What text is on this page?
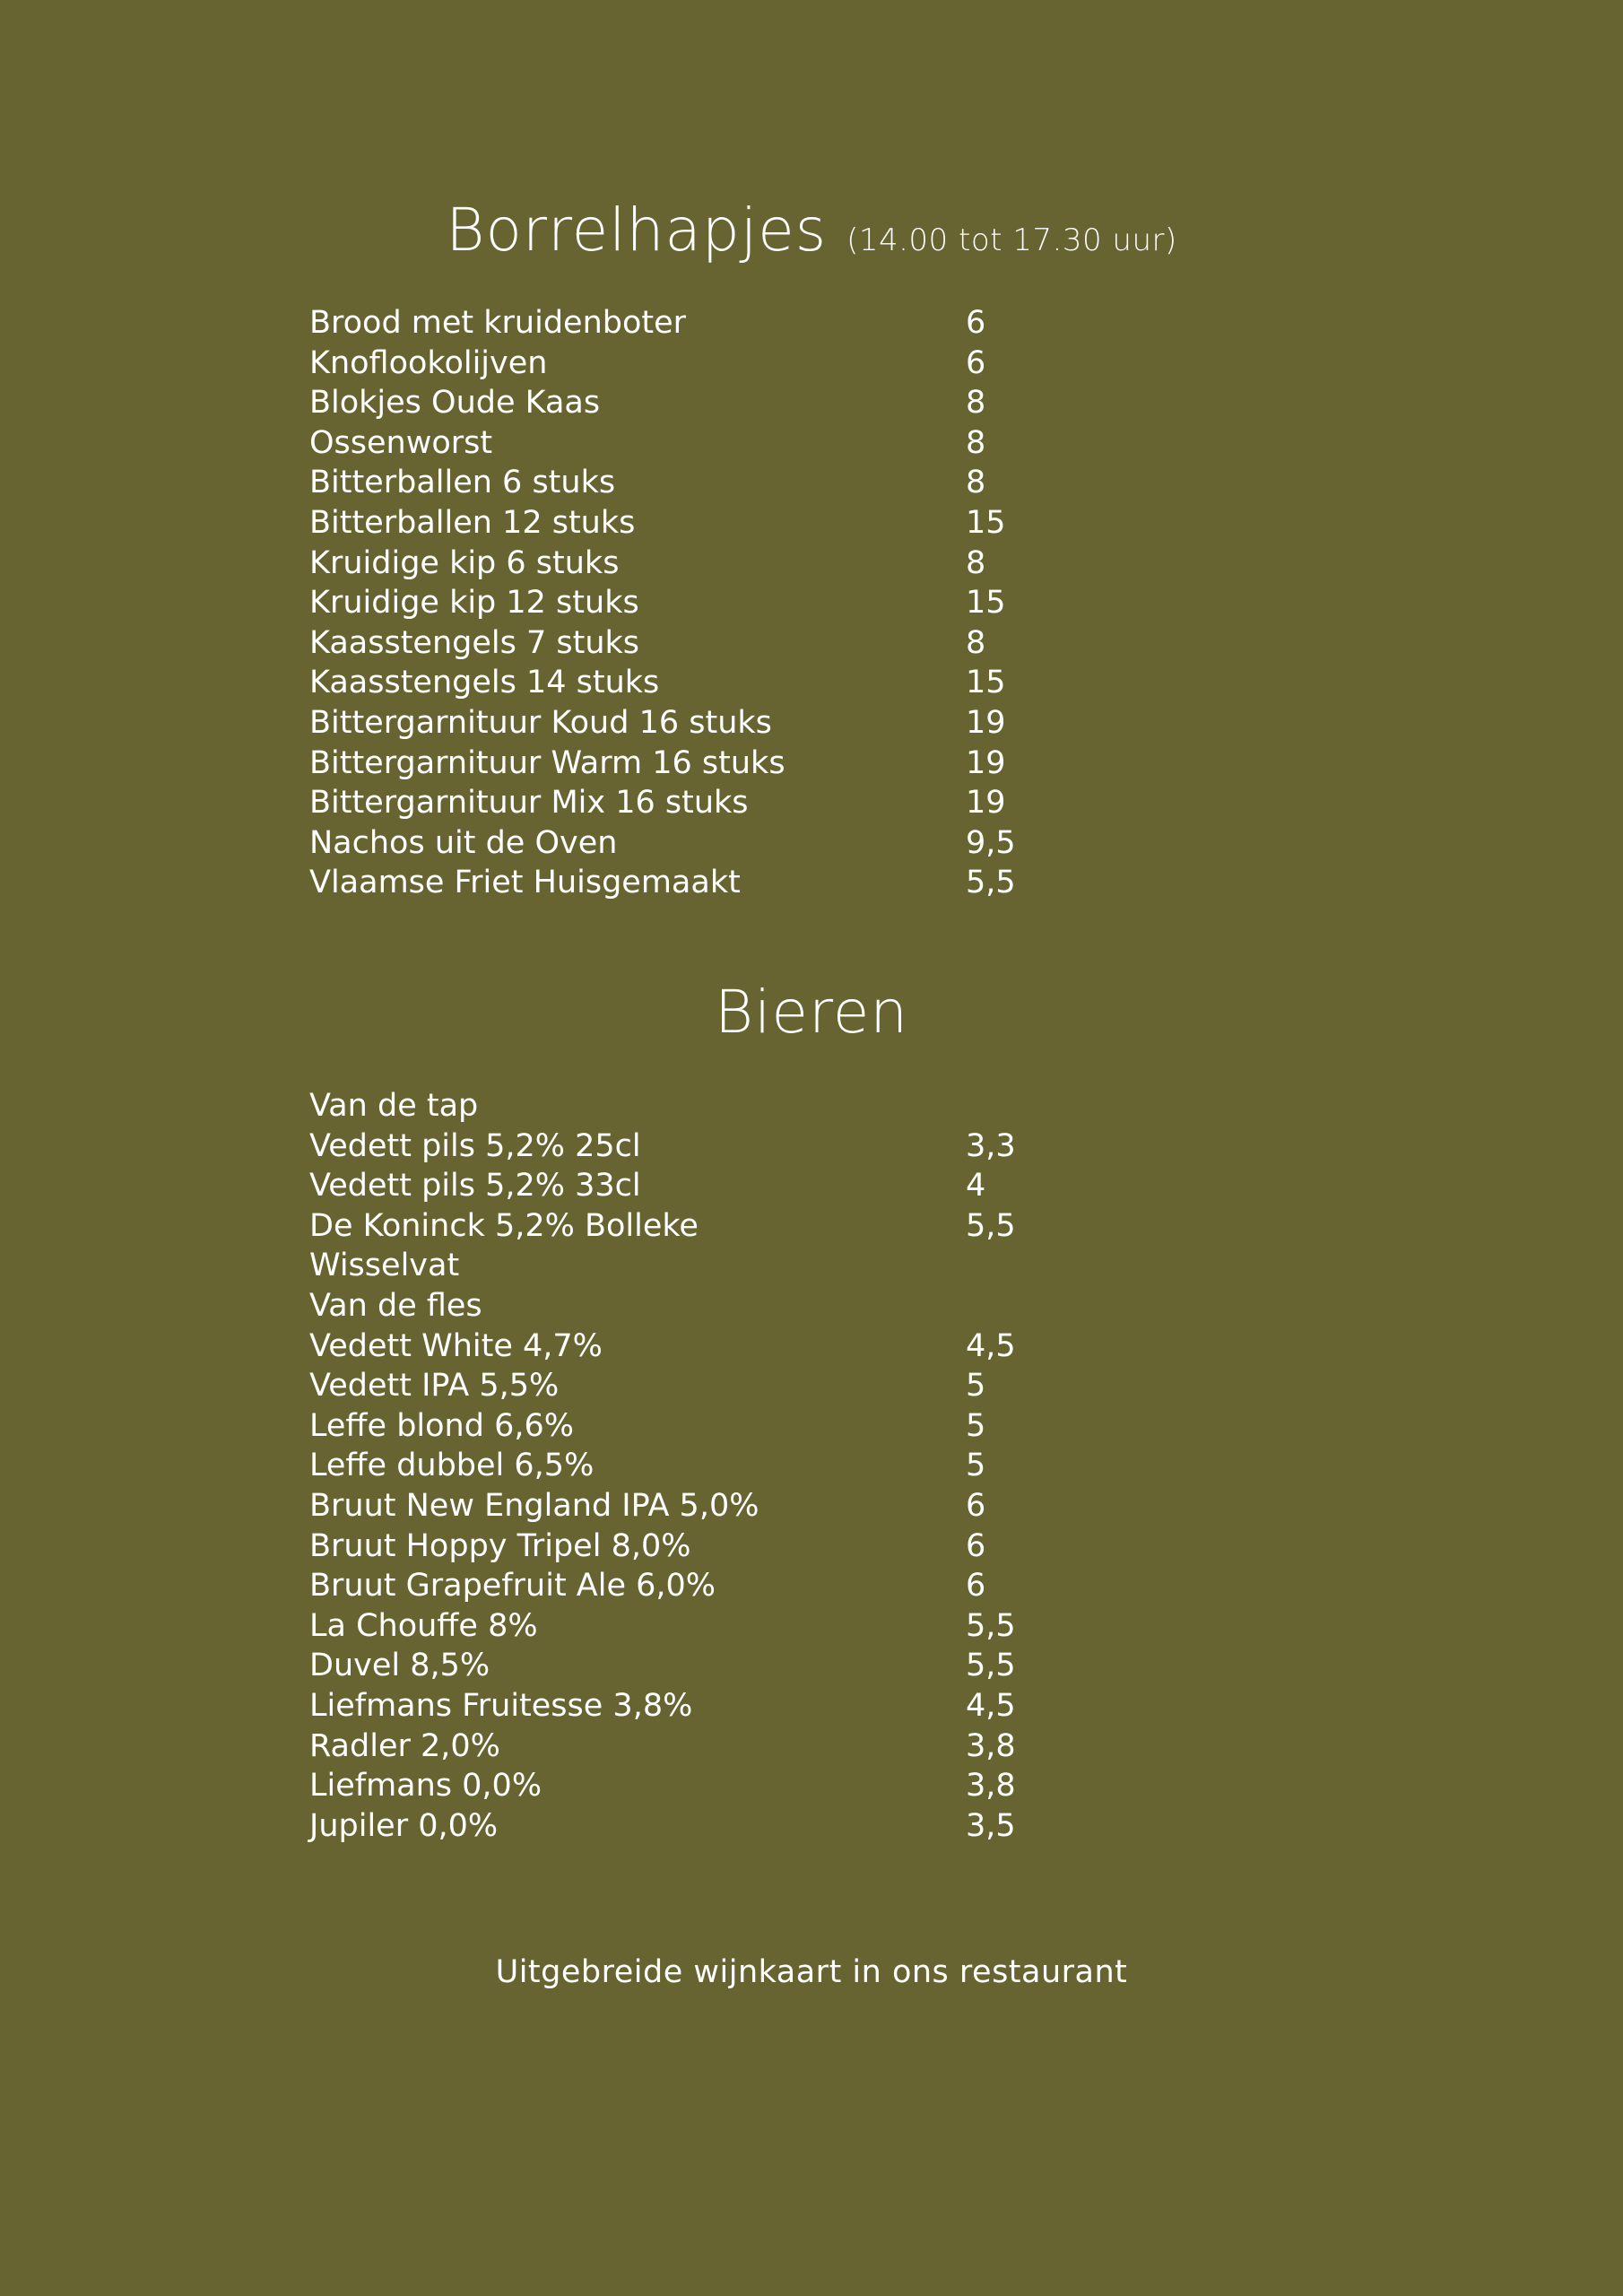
Borrelhapjes (14.00 tot 17.30 uur)
Brood met kruidenboter	6
Knoflookolijven	6
Blokjes Oude Kaas	8
Ossenworst	8
Bitterballen 6 stuks	8
Bitterballen 12 stuks	15
Kruidige kip 6 stuks	8
Kruidige kip 12 stuks	15
Kaasstengels 7 stuks	8
Kaasstengels 14 stuks	15
Bittergarnituur Koud 16 stuks	19
Bittergarnituur Warm 16 stuks	19
Bittergarnituur Mix 16 stuks	19
Nachos uit de Oven	9,5
Vlaamse Friet Huisgemaakt	5,5
Bieren
Van de tap
Vedett pils 5,2% 25cl	3,3
Vedett pils 5,2% 33cl	4
De Koninck 5,2% Bolleke	5,5
Wisselvat
Van de fles
Vedett White 4,7%	4,5
Vedett IPA 5,5%	5
Leffe blond 6,6%	5
Leffe dubbel 6,5%	5
Bruut New England IPA 5,0%	6
Bruut Hoppy Tripel 8,0%	6
Bruut Grapefruit Ale 6,0%	6
La Chouffe 8%	5,5
Duvel 8,5%	5,5
Liefmans Fruitesse 3,8%	4,5
Radler 2,0%	3,8
Liefmans 0,0%	3,8
Jupiler 0,0%	3,5
Uitgebreide wijnkaart in ons restaurant
